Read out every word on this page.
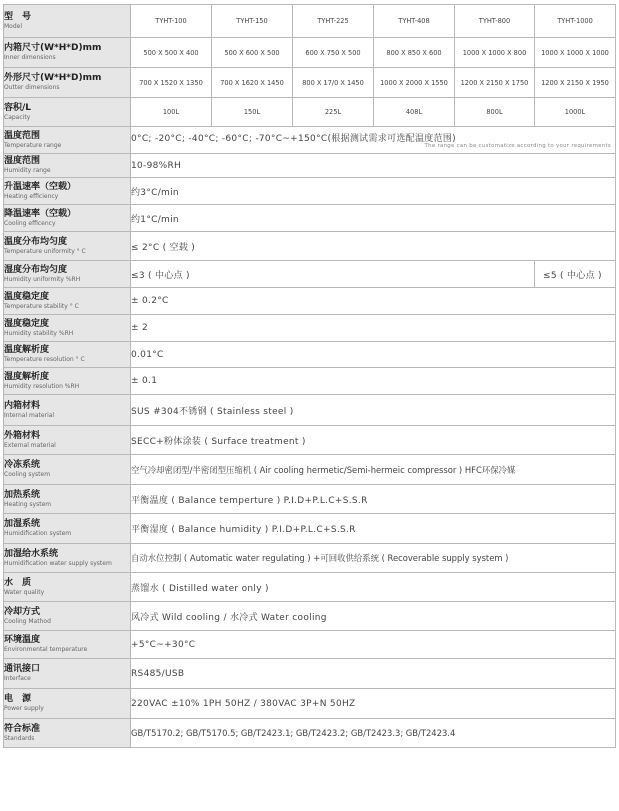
型　号
Model	TYHT-100	TYHT-150	TYHT-225	TYHT-408	TYHT-800	TYHT-1000

内箱尺寸(W*H*D)mm
Inner dimensions	500 X 500 X 400	500 X 600 X 500	600 X 750 X 500	800 X 850 X 600	1000 X 1000 X 800	1000 X 1000 X 1000

外形尺寸(W*H*D)mm
Outter dimensions	700 X 1520 X 1350	700 X 1620 X 1450	800 X 17/0 X 1450	1000 X 2000 X 1550	1200 X 2150 X 1750	1200 X 2150 X 1950

容积/L
Capacity	100L	150L	225L	408L	800L	1000L

温度范围
Temperature range	0°C; -20°C; -40°C; -60°C; -70°C~+150°C(根据测试需求可选配温度范围)
The range can be customatize according to your requirements					

湿度范围
Humidity range	10-98%RH					

升温速率（空载）
Heating efficiency	约3°C/min					

降温速率（空载）
Cooling efficency	约1°C/min					

温度分布均匀度
Temperature uniformity ° C	≤ 2°C ( 空载 )					

湿度分布均匀度
Humidity uniformity %RH	≤3 ( 中心点 )					≤5 ( 中心点 )

温度稳定度
Temperature stability ° C	± 0.2°C					

湿度稳定度
Humidity stability %RH	± 2					

温度解析度
Temperature resolution ° C	0.01°C					

湿度解析度
Humidity resolution %RH	± 0.1					

内箱材料
Internal material	SUS #304不锈钢 ( Stainless steel )					

外箱材料
External material	SECC+粉体涂装 ( Surface treatment )					

冷冻系统
Cooling system	空气冷却密闭型/半密闭型压缩机 ( Air cooling hermetic/Semi-hermeic compressor ) HFC环保冷媒					

加热系统
Heating system	平衡温度 ( Balance temperture ) P.I.D+P.L.C+S.S.R					

加湿系统
Humidification system	平衡湿度 ( Balance humidity ) P.I.D+P.L.C+S.S.R					

加湿给水系统
Humidification water supply system	自动水位控制 ( Automatic water regulating ) +可回收供给系统 ( Recoverable supply system )					

水　质
Water quality	蒸馏水 ( Distilled water only )					

冷却方式
Cooling Mathod	风冷式 Wild cooling / 水冷式 Water cooling					

环境温度
Environmental temperature	+5°C~+30°C					

通讯接口
Interface	RS485/USB					

电　源
Power supply	220VAC ±10% 1PH 50HZ / 380VAC 3P+N 50HZ					

符合标准
Standards	GB/T5170.2; GB/T5170.5; GB/T2423.1; GB/T2423.2; GB/T2423.3; GB/T2423.4					
